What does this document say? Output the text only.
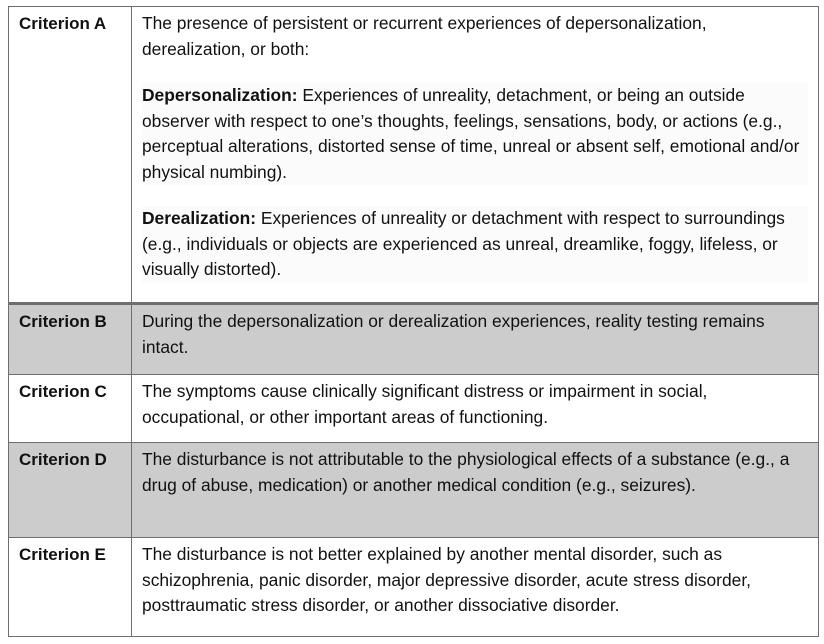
Criterion A	The presence of persistent or recurrent experiences of depersonalization, derealization, or both:

Depersonalization: Experiences of unreality, detachment, or being an outside observer with respect to one’s thoughts, feelings, sensations, body, or actions (e.g., perceptual alterations, distorted sense of time, unreal or absent self, emotional and/or physical numbing).

Derealization: Experiences of unreality or detachment with respect to surroundings (e.g., individuals or objects are experienced as unreal, dreamlike, foggy, lifeless, or visually distorted).

Criterion B	During the depersonalization or derealization experiences, reality testing remains intact.
Criterion C	The symptoms cause clinically significant distress or impairment in social, occupational, or other important areas of functioning.
Criterion D	The disturbance is not attributable to the physiological effects of a substance (e.g., a drug of abuse, medication) or another medical condition (e.g., seizures).
Criterion E	The disturbance is not better explained by another mental disorder, such as schizophrenia, panic disorder, major depressive disorder, acute stress disorder, posttraumatic stress disorder, or another dissociative disorder.
